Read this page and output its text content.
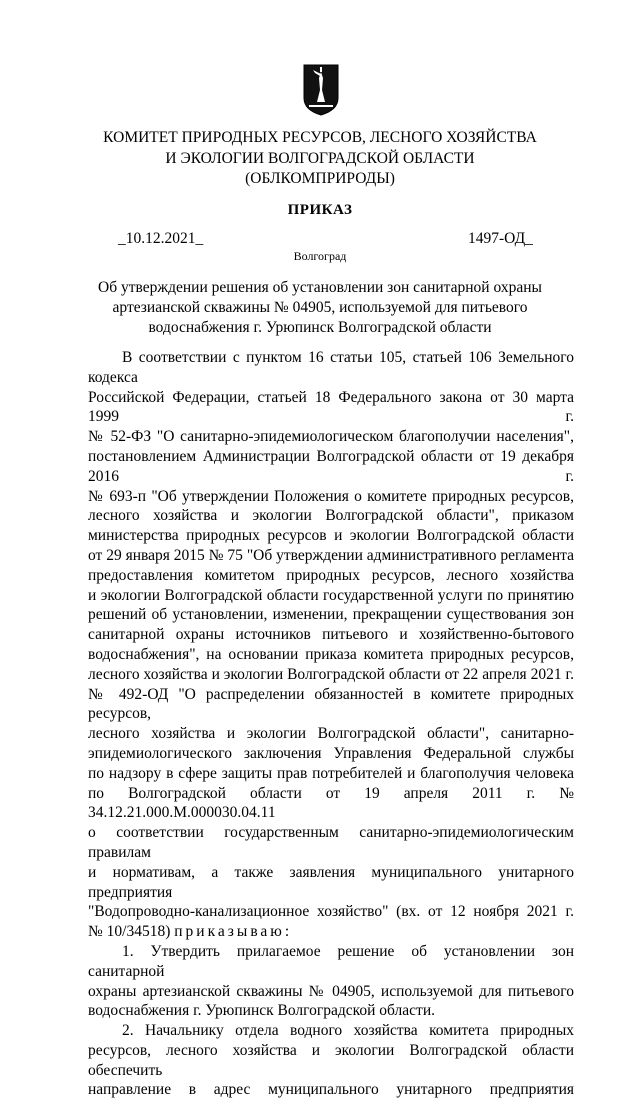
КОМИТЕТ ПРИРОДНЫХ РЕСУРСОВ, ЛЕСНОГО ХОЗЯЙСТВА
И ЭКОЛОГИИ ВОЛГОГРАДСКОЙ ОБЛАСТИ
(ОБЛКОМПРИРОДЫ)
ПРИКАЗ
_10.12.2021_	1497-ОД_
Волгоград
Об утверждении решения об установлении зон санитарной охраны
артезианской скважины № 04905, используемой для питьевого
водоснабжения г. Урюпинск Волгоградской области

В соответствии с пунктом 16 статьи 105, статьей 106 Земельного кодекса

Российской Федерации, статьей 18 Федерального закона от 30 марта 1999 г.

№ 52-ФЗ "О санитарно-эпидемиологическом благополучии населения",

постановлением Администрации Волгоградской области от 19 декабря 2016 г.

№ 693-п "Об утверждении Положения о комитете природных ресурсов,

лесного хозяйства и экологии Волгоградской области", приказом

министерства природных ресурсов и экологии Волгоградской области

от 29 января 2015 № 75 "Об утверждении административного регламента

предоставления комитетом природных ресурсов, лесного хозяйства

и экологии Волгоградской области государственной услуги по принятию

решений об установлении, изменении, прекращении существования зон

санитарной охраны источников питьевого и хозяйственно-бытового

водоснабжения", на основании приказа комитета природных ресурсов,

лесного хозяйства и экологии Волгоградской области от 22 апреля 2021 г.

№ 492-ОД "О распределении обязанностей в комитете природных ресурсов,

лесного хозяйства и экологии Волгоградской области", санитарно-

эпидемиологического заключения Управления Федеральной службы

по надзору в сфере защиты прав потребителей и благополучия человека

по Волгоградской области от 19 апреля 2011 г. № 34.12.21.000.М.000030.04.11

о соответствии государственным санитарно-эпидемиологическим правилам

и нормативам, а также заявления муниципального унитарного предприятия

"Водопроводно-канализационное хозяйство" (вх. от 12 ноября 2021 г.

№ 10/34518) приказываю:

1. Утвердить прилагаемое решение об установлении зон санитарной

охраны артезианской скважины № 04905, используемой для питьевого

водоснабжения г. Урюпинск Волгоградской области.

2. Начальнику отдела водного хозяйства комитета природных

ресурсов, лесного хозяйства и экологии Волгоградской области обеспечить

направление в адрес муниципального унитарного предприятия
